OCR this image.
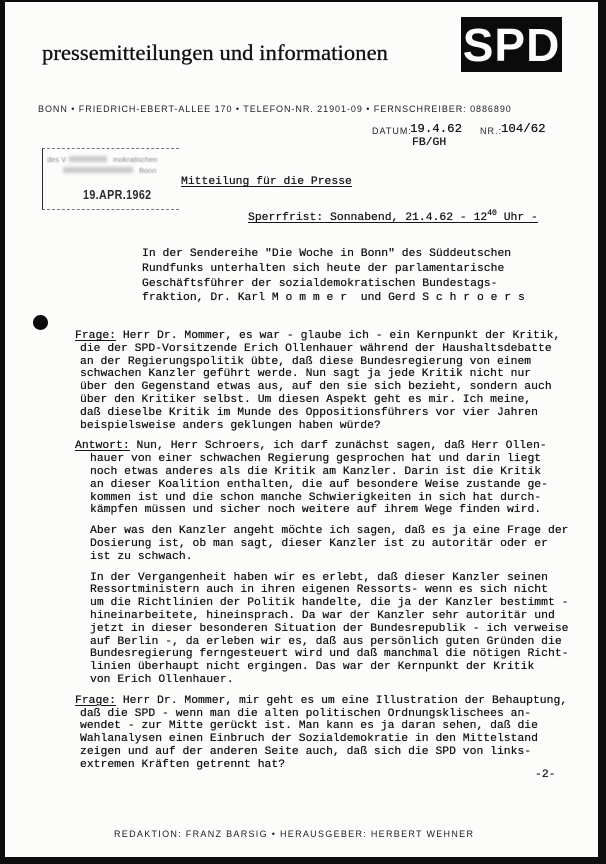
pressemitteilungen und informationen SPD
BONN • FRIEDRICH-EBERT-ALLEE 170 • TELEFON-NR. 21901-09 • FERNSCHREIBER: 0886890
DATUM:
19.4.62 NR.: 104/62
FB/GH
des V	mokratischen
Bonn
19.APR.1962
Mitteilung für die Presse
Sperrfrist: Sonnabend, $21.4.62 - 12^{40}$ Uhr -
In der Sendereihe "Die Woche in Bonn" des Süddeutschen
Rundfunks unterhalten sich heute der parlamentarische
Geschäftsführer der sozialdemokratischen Bundestags-
fraktion, Dr. Karl M o m m e r  und Gerd S c h r o e r s
Frage: Herr Dr. Mommer, es war - glaube ich - ein Kernpunkt der Kritik,
die der SPD-Vorsitzende Erich Ollenhauer während der Haushaltsdebatte
an der Regierungspolitik übte, daß diese Bundesregierung von einem
schwachen Kanzler geführt werde. Nun sagt ja jede Kritik nicht nur
über den Gegenstand etwas aus, auf den sie sich bezieht, sondern auch
über den Kritiker selbst. Um diesen Aspekt geht es mir. Ich meine,
daß dieselbe Kritik im Munde des Oppositionsführers vor vier Jahren
beispielsweise anders geklungen haben würde?
Antwort: Nun, Herr Schroers, ich darf zunächst sagen, daß Herr Ollen-
hauer von einer schwachen Regierung gesprochen hat und darin liegt
noch etwas anderes als die Kritik am Kanzler. Darin ist die Kritik
an dieser Koalition enthalten, die auf besondere Weise zustande ge-
kommen ist und die schon manche Schwierigkeiten in sich hat durch-
kämpfen müssen und sicher noch weitere auf ihrem Wege finden wird.
Aber was den Kanzler angeht möchte ich sagen, daß es ja eine Frage der
Dosierung ist, ob man sagt, dieser Kanzler ist zu autoritär oder er
ist zu schwach.
In der Vergangenheit haben wir es erlebt, daß dieser Kanzler seinen
Ressortministern auch in ihren eigenen Ressorts- wenn es sich nicht
um die Richtlinien der Politik handelte, die ja der Kanzler bestimmt -
hineinarbeitete, hineinsprach. Da war der Kanzler sehr autoritär und
jetzt in dieser besonderen Situation der Bundesrepublik - ich verweise
auf Berlin -, da erleben wir es, daß aus persönlich guten Gründen die
Bundesregierung ferngesteuert wird und daß manchmal die nötigen Richt-
linien überhaupt nicht ergingen. Das war der Kernpunkt der Kritik
von Erich Ollenhauer.
Frage: Herr Dr. Mommer, mir geht es um eine Illustration der Behauptung,
daß die SPD - wenn man die alten politischen Ordnungsklischees an-
wendet - zur Mitte gerückt ist. Man kann es ja daran sehen, daß die
Wahlanalysen einen Einbruch der Sozialdemokratie in den Mittelstand
zeigen und auf der anderen Seite auch, daß sich die SPD von links-
extremen Kräften getrennt hat?
-2-
REDAKTION: FRANZ BARSIG • HERAUSGEBER: HERBERT WEHNER
